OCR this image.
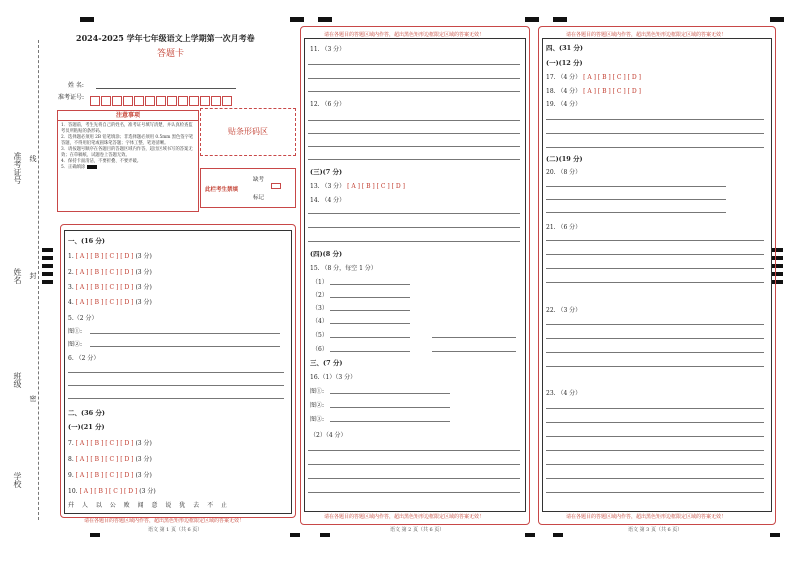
准考证号 线
姓名 封
班级
密
学校
2024-2025 学年七年级语文上学期第一次月考卷
答题卡
姓 名:
准考证号:
注意事项
1．答题前，考生先将自己的姓名，准考证号填写清楚，并认真检查监考员所粘贴的条形码。
2．选择题必须用 2B 铅笔填涂；非选择题必须用 0.5mm 黑色签字笔答题，不得用铅笔或圆珠笔答题；字体工整、笔迹清晰。
3．请按题号顺序在各题目的答题区域内作答，超出区域书写的答案无效；在草稿纸、试题卷上答题无效。
4．保持卡面清洁，不要折叠、不要弄破。
5．正确填涂
贴条形码区
此栏考生禁填
缺考
标记
一、(16 分)
1. [ A ] [ B ] [ C ] [ D ] (3 分)
2. [ A ] [ B ] [ C ] [ D ] (3 分)
3. [ A ] [ B ] [ C ] [ D ] (3 分)
4. [ A ] [ B ] [ C ] [ D ] (3 分)
5.（2 分）
图①:
图②:
6. （2 分）
二、(36 分)
(一)(21 分)
7. [ A ] [ B ] [ C ] [ D ] (3 分)
8. [ A ] [ B ] [ C ] [ D ] (3 分)
9. [ A ] [ B ] [ C ] [ D ] (3 分)
10. [ A ] [ B ] [ C ] [ D ] (3 分)
幷 人 以 公 败 闻 意 说 犹 去 不 止
请在各题目的答题区域内作答，超出黑色矩形边框限定区域的答案无效！
语文 第 1 页（共 6 页）
请在各题目的答题区域内作答，超出黑色矩形边框限定区域的答案无效！
11. （3 分）
12. （6 分）
(三)(7 分)
13. （3 分） [ A ] [ B ] [ C ] [ D ]
14. （4 分）
(四)(8 分)
15. （8 分，每空 1 分）
（1）
（2）
（3）
（4）
（5）
（6）
三、(7 分)
16.（1）（3 分）
图①:
图②:
图③:
（2）（4 分）
请在各题目的答题区域内作答，超出黑色矩形边框限定区域的答案无效！
语文 第 2 页（共 6 页）
请在各题目的答题区域内作答，超出黑色矩形边框限定区域的答案无效！
四、(31 分)
(一)(12 分)
17. （4 分） [ A ] [ B ] [ C ] [ D ]
18. （4 分） [ A ] [ B ] [ C ] [ D ]
19. （4 分）
(二)(19 分)
20. （8 分）
21. （6 分）
22. （3 分）
23. （4 分）
请在各题目的答题区域内作答，超出黑色矩形边框限定区域的答案无效！
语文 第 3 页（共 6 页）
